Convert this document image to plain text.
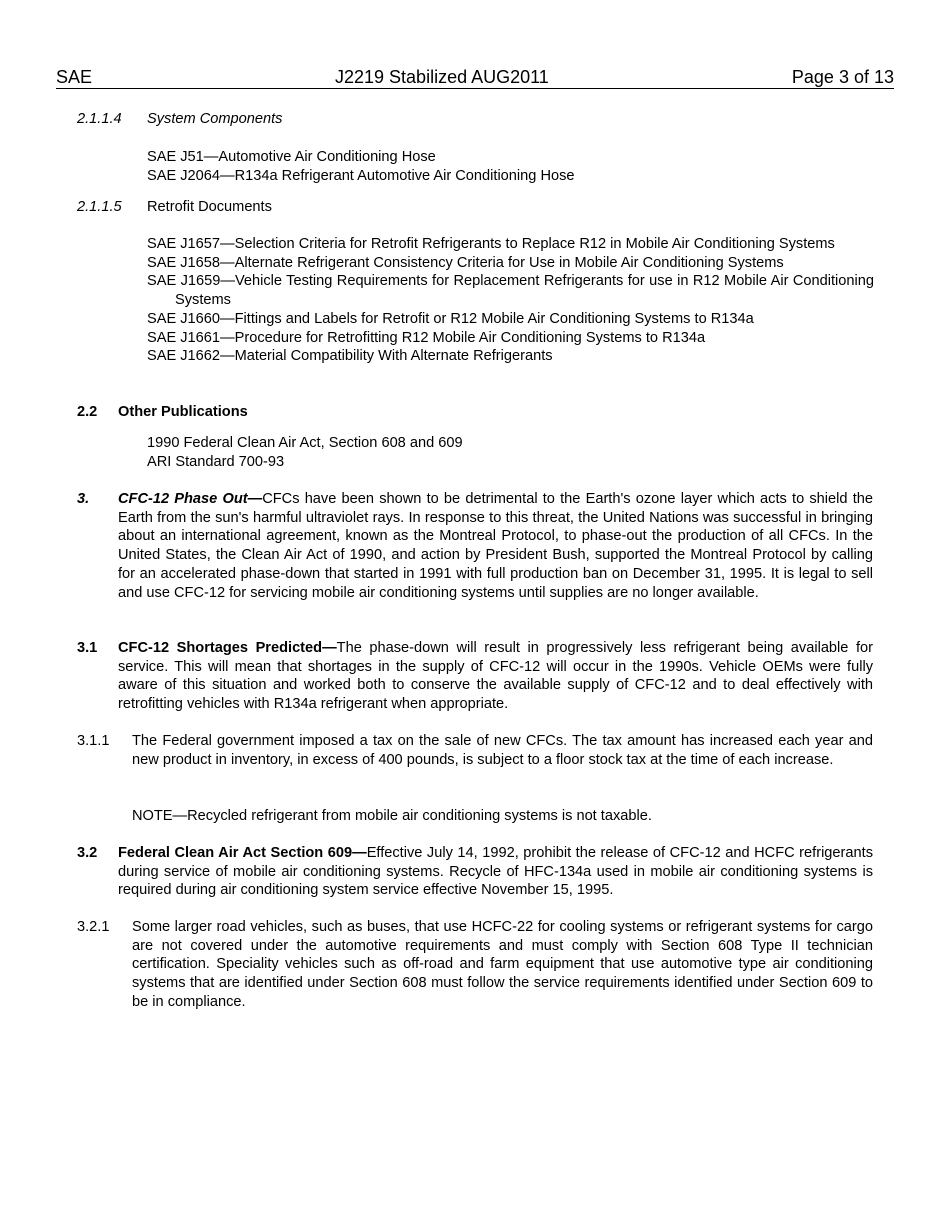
SAE	J2219 Stabilized AUG2011	Page 3 of 13
2.1.1.4 System Components
SAE J51—Automotive Air Conditioning Hose
SAE J2064—R134a Refrigerant Automotive Air Conditioning Hose
2.1.1.5 Retrofit Documents
SAE J1657—Selection Criteria for Retrofit Refrigerants to Replace R12 in Mobile Air Conditioning Systems
SAE J1658—Alternate Refrigerant Consistency Criteria for Use in Mobile Air Conditioning Systems
SAE J1659—Vehicle Testing Requirements for Replacement Refrigerants for use in R12 Mobile Air Conditioning Systems
SAE J1660—Fittings and Labels for Retrofit or R12 Mobile Air Conditioning Systems to R134a
SAE J1661—Procedure for Retrofitting R12 Mobile Air Conditioning Systems to R134a
SAE J1662—Material Compatibility With Alternate Refrigerants
2.2 Other Publications
1990 Federal Clean Air Act, Section 608 and 609
ARI Standard 700-93
3. CFC-12 Phase Out—CFCs have been shown to be detrimental to the Earth's ozone layer which acts to shield the Earth from the sun's harmful ultraviolet rays. In response to this threat, the United Nations was successful in bringing about an international agreement, known as the Montreal Protocol, to phase-out the production of all CFCs. In the United States, the Clean Air Act of 1990, and action by President Bush, supported the Montreal Protocol by calling for an accelerated phase-down that started in 1991 with full production ban on December 31, 1995. It is legal to sell and use CFC-12 for servicing mobile air conditioning systems until supplies are no longer available.
3.1 CFC-12 Shortages Predicted—The phase-down will result in progressively less refrigerant being available for service. This will mean that shortages in the supply of CFC-12 will occur in the 1990s. Vehicle OEMs were fully aware of this situation and worked both to conserve the available supply of CFC-12 and to deal effectively with retrofitting vehicles with R134a refrigerant when appropriate.
3.1.1 The Federal government imposed a tax on the sale of new CFCs. The tax amount has increased each year and new product in inventory, in excess of 400 pounds, is subject to a floor stock tax at the time of each increase.
NOTE—Recycled refrigerant from mobile air conditioning systems is not taxable.
3.2 Federal Clean Air Act Section 609—Effective July 14, 1992, prohibit the release of CFC-12 and HCFC refrigerants during service of mobile air conditioning systems. Recycle of HFC-134a used in mobile air conditioning systems is required during air conditioning system service effective November 15, 1995.
3.2.1 Some larger road vehicles, such as buses, that use HCFC-22 for cooling systems or refrigerant systems for cargo are not covered under the automotive requirements and must comply with Section 608 Type II technician certification. Speciality vehicles such as off-road and farm equipment that use automotive type air conditioning systems that are identified under Section 608 must follow the service requirements identified under Section 609 to be in compliance.
